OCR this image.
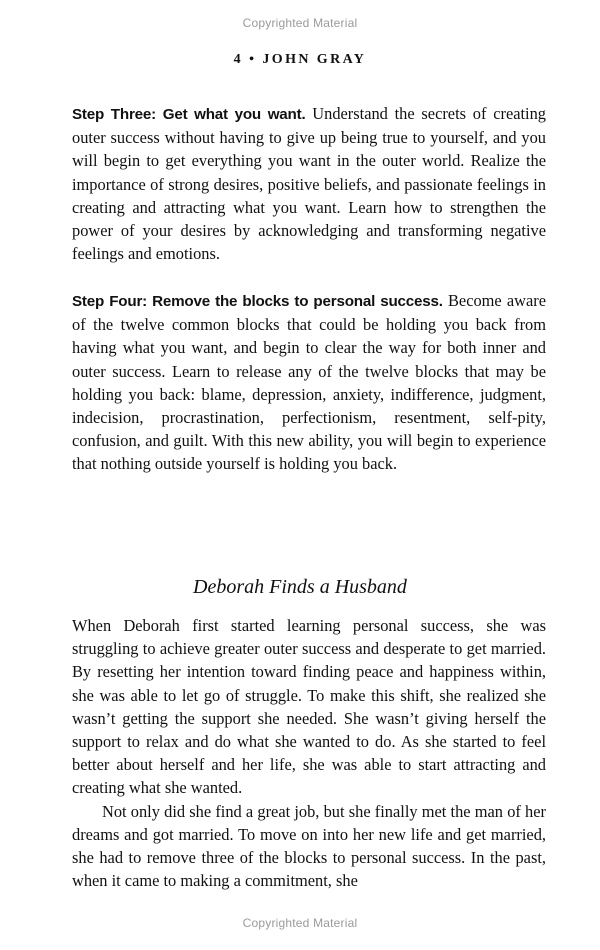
Copyrighted Material
4 • JOHN GRAY

Step Three: Get what you want. Understand the secrets of creating outer success without having to give up being true to yourself, and you will begin to get everything you want in the outer world. Realize the importance of strong desires, positive beliefs, and passionate feelings in creating and attracting what you want. Learn how to strengthen the power of your desires by acknowledging and transforming negative feelings and emotions.

Step Four: Remove the blocks to personal success. Become aware of the twelve common blocks that could be holding you back from having what you want, and begin to clear the way for both inner and outer success. Learn to release any of the twelve blocks that may be holding you back: blame, depression, anxiety, indifference, judgment, indecision, procrastination, perfectionism, resentment, self-pity, confusion, and guilt. With this new ability, you will begin to experience that nothing outside yourself is holding you back.

Deborah Finds a Husband

When Deborah first started learning personal success, she was struggling to achieve greater outer success and desperate to get married. By resetting her intention toward finding peace and happiness within, she was able to let go of struggle. To make this shift, she realized she wasn’t getting the support she needed. She wasn’t giving herself the support to relax and do what she wanted to do. As she started to feel better about herself and her life, she was able to start attracting and creating what she wanted.

Not only did she find a great job, but she finally met the man of her dreams and got married. To move on into her new life and get married, she had to remove three of the blocks to personal success. In the past, when it came to making a commitment, she

Copyrighted Material
